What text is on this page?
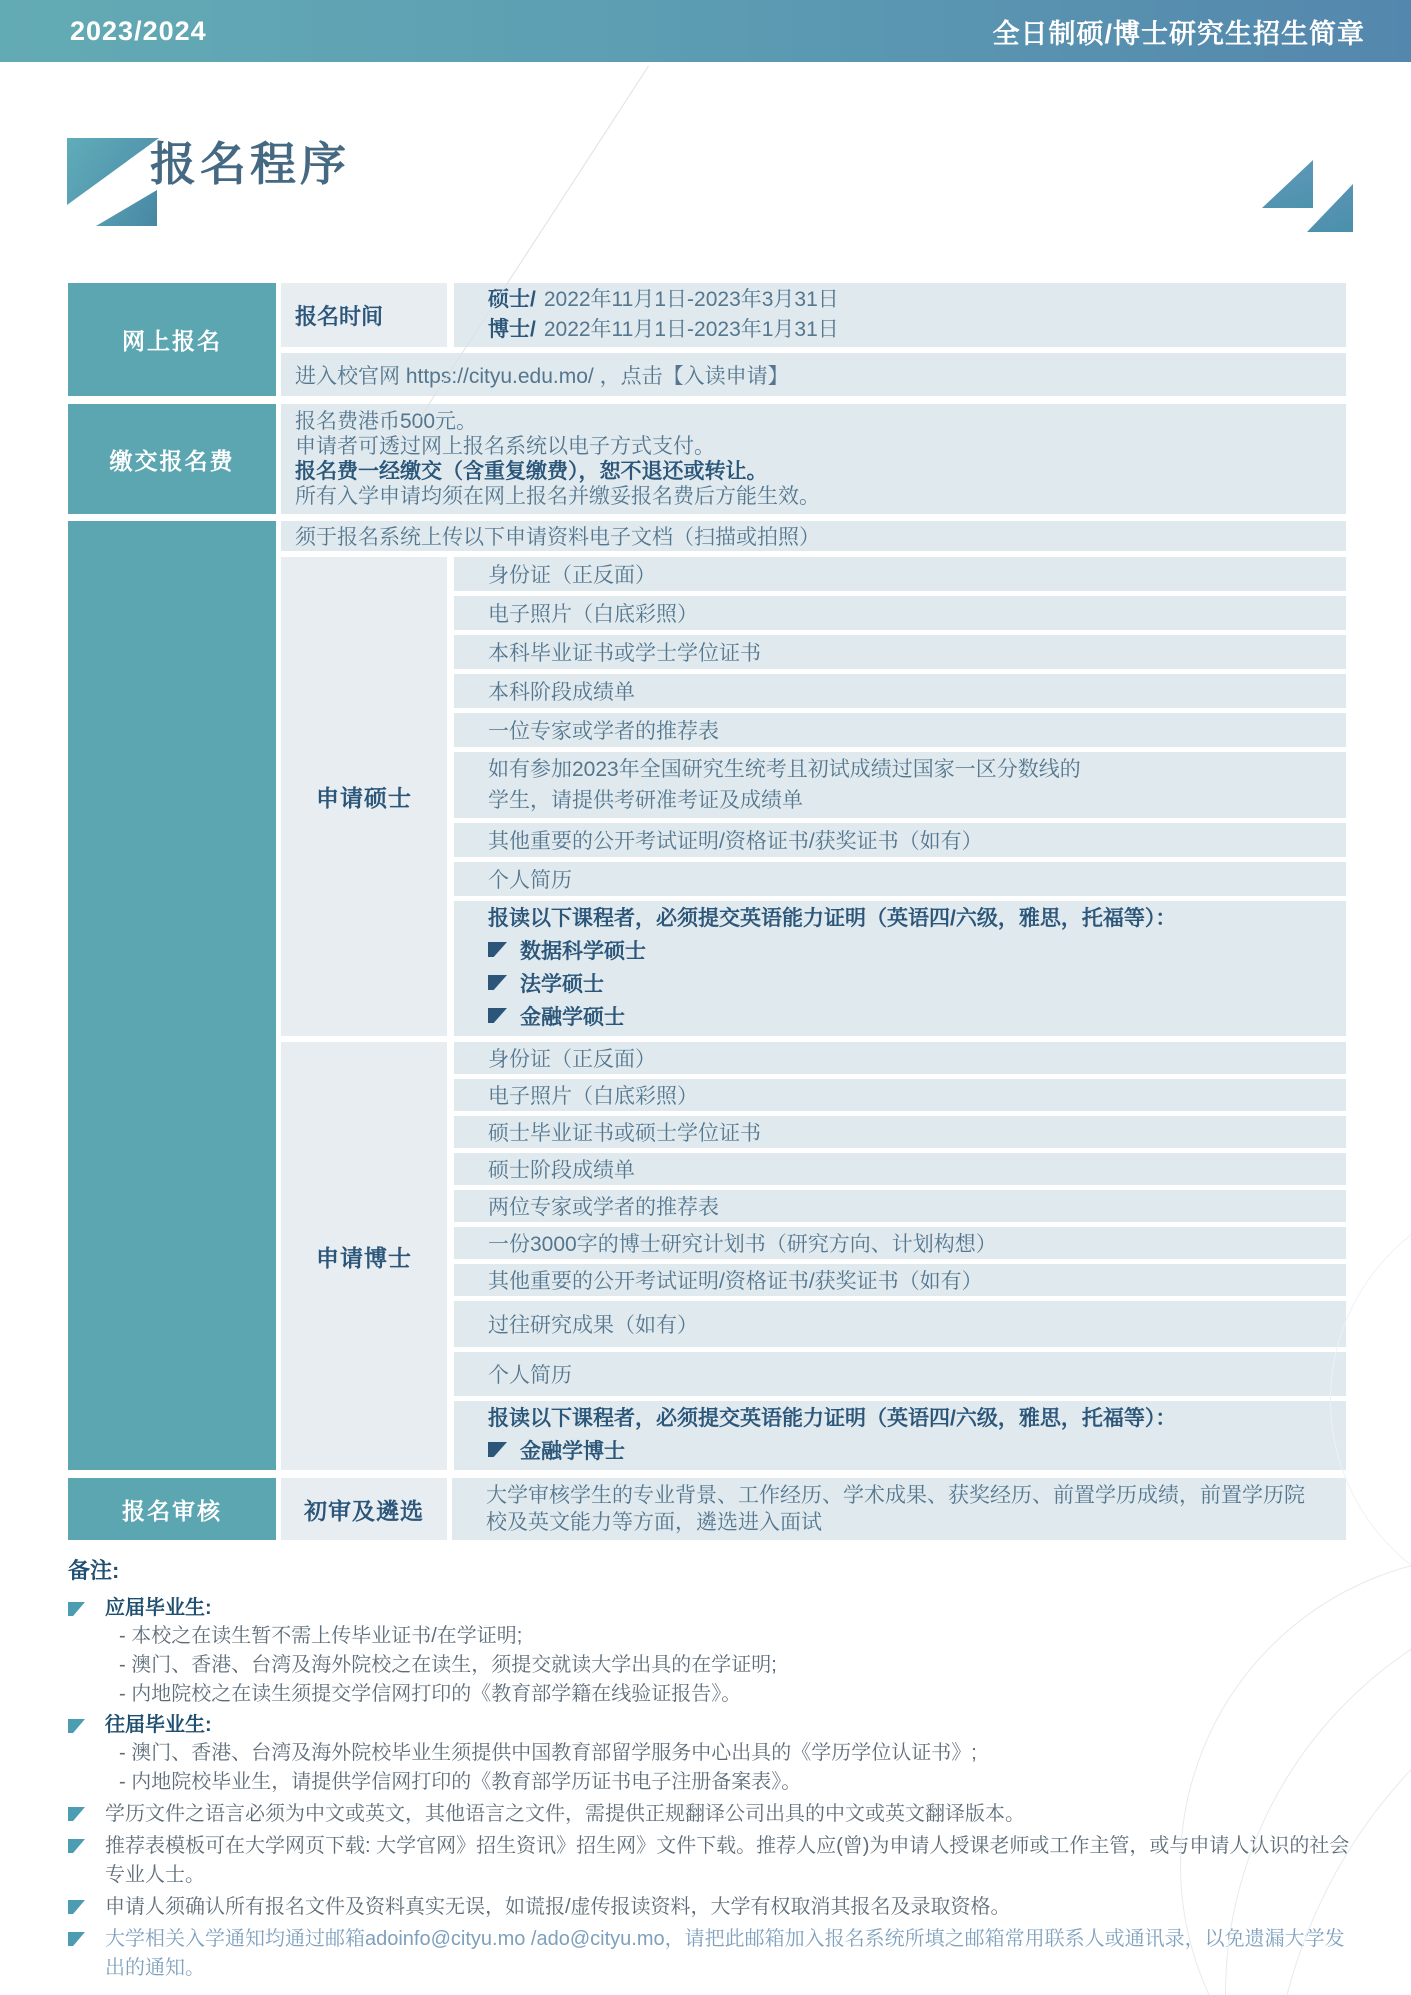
2023/2024	全日制硕/博士研究生招生简章
报名程序
网上报名
报名时间
硕士/ 2022年11月1日-2023年3月31日
博士/ 2022年11月1日-2023年1月31日
进入校官网 https://cityu.edu.mo/ ，点击【入读申请】
缴交报名费
报名费港币500元。
申请者可透过网上报名系统以电子方式支付。
报名费一经缴交（含重复缴费），恕不退还或转让。
所有入学申请均须在网上报名并缴妥报名费后方能生效。
须于报名系统上传以下申请资料电子文档（扫描或拍照）
申请硕士
身份证（正反面）
电子照片（白底彩照）
本科毕业证书或学士学位证书
本科阶段成绩单
一位专家或学者的推荐表
如有参加2023年全国研究生统考且初试成绩过国家一区分数线的学生，请提供考研准考证及成绩单
其他重要的公开考试证明/资格证书/获奖证书（如有）
个人简历
报读以下课程者，必须提交英语能力证明（英语四/六级，雅思，托福等）：
数据科学硕士
法学硕士
金融学硕士
申请博士
身份证（正反面）
电子照片（白底彩照）
硕士毕业证书或硕士学位证书
硕士阶段成绩单
两位专家或学者的推荐表
一份3000字的博士研究计划书（研究方向、计划构想）
其他重要的公开考试证明/资格证书/获奖证书（如有）
过往研究成果（如有）
个人简历
报读以下课程者，必须提交英语能力证明（英语四/六级，雅思，托福等）：
金融学博士
报名审核	初审及遴选
大学审核学生的专业背景、工作经历、学术成果、获奖经历、前置学历成绩，前置学历院校及英文能力等方面，遴选进入面试
备注:
应届毕业生:
- 本校之在读生暂不需上传毕业证书/在学证明;
- 澳门、香港、台湾及海外院校之在读生，须提交就读大学出具的在学证明;
- 内地院校之在读生须提交学信网打印的《教育部学籍在线验证报告》。
往届毕业生:
- 澳门、香港、台湾及海外院校毕业生须提供中国教育部留学服务中心出具的《学历学位认证书》;
- 内地院校毕业生，请提供学信网打印的《教育部学历证书电子注册备案表》。
学历文件之语言必须为中文或英文，其他语言之文件，需提供正规翻译公司出具的中文或英文翻译版本。
推荐表模板可在大学网页下载: 大学官网》招生资讯》招生网》文件下载。推荐人应(曾)为申请人授课老师或工作主管，或与申请人认识的社会专业人士。
申请人须确认所有报名文件及资料真实无误，如谎报/虚传报读资料，大学有权取消其报名及录取资格。
大学相关入学通知均通过邮箱adoinfo@cityu.mo /ado@cityu.mo，请把此邮箱加入报名系统所填之邮箱常用联系人或通讯录，以免遗漏大学发出的通知。
